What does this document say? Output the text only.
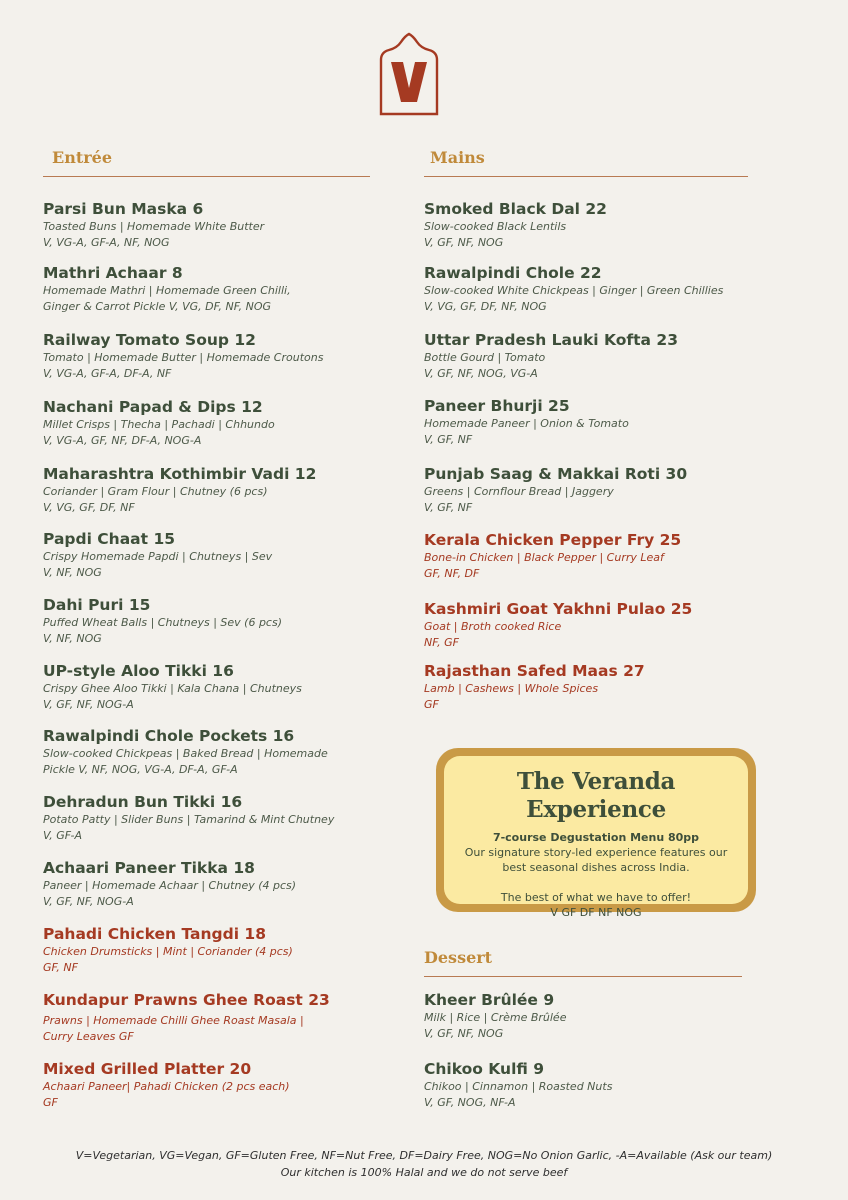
Entrée	Mains
Dessert
Parsi Bun Maska 6
Toasted Buns | Homemade White Butter
V, VG-A, GF-A, NF, NOG
Mathri Achaar 8
Homemade Mathri | Homemade Green Chilli,
Ginger & Carrot Pickle V, VG, DF, NF, NOG
Railway Tomato Soup 12
Tomato | Homemade Butter | Homemade Croutons
V, VG-A, GF-A, DF-A, NF
Nachani Papad & Dips 12
Millet Crisps | Thecha | Pachadi | Chhundo
V, VG-A, GF, NF, DF-A, NOG-A
Maharashtra Kothimbir Vadi 12
Coriander | Gram Flour | Chutney (6 pcs)
V, VG, GF, DF, NF
Papdi Chaat 15
Crispy Homemade Papdi | Chutneys | Sev
V, NF, NOG
Dahi Puri 15
Puffed Wheat Balls | Chutneys | Sev (6 pcs)
V, NF, NOG
UP-style Aloo Tikki 16
Crispy Ghee Aloo Tikki | Kala Chana | Chutneys
V, GF, NF, NOG-A
Rawalpindi Chole Pockets 16
Slow-cooked Chickpeas | Baked Bread | Homemade
Pickle V, NF, NOG, VG-A, DF-A, GF-A
Dehradun Bun Tikki 16
Potato Patty | Slider Buns | Tamarind & Mint Chutney
V, GF-A
Achaari Paneer Tikka 18
Paneer | Homemade Achaar | Chutney (4 pcs)
V, GF, NF, NOG-A
Pahadi Chicken Tangdi 18
Chicken Drumsticks | Mint | Coriander (4 pcs)
GF, NF
Kundapur Prawns Ghee Roast 23
Prawns | Homemade Chilli Ghee Roast Masala |
Curry Leaves GF
Mixed Grilled Platter 20
Achaari Paneer| Pahadi Chicken (2 pcs each)
GF
Smoked Black Dal 22
Slow-cooked Black Lentils
V, GF, NF, NOG
Rawalpindi Chole 22
Slow-cooked White Chickpeas | Ginger | Green Chillies
V, VG, GF, DF, NF, NOG
Uttar Pradesh Lauki Kofta 23
Bottle Gourd | Tomato
V, GF, NF, NOG, VG-A
Paneer Bhurji 25
Homemade Paneer | Onion & Tomato
V, GF, NF
Punjab Saag & Makkai Roti 30
Greens | Cornflour Bread | Jaggery
V, GF, NF
Kerala Chicken Pepper Fry 25
Bone-in Chicken | Black Pepper | Curry Leaf
GF, NF, DF
Kashmiri Goat Yakhni Pulao 25
Goat | Broth cooked Rice
NF, GF
Rajasthan Safed Maas 27
Lamb | Cashews | Whole Spices
GF
The Veranda Experience
7-course Degustation Menu 80pp
Our signature story-led experience features our
best seasonal dishes across India.
The best of what we have to offer!
V GF DF NF NOG
Kheer Brûlée 9
Milk | Rice | Crème Brûlée
V, GF, NF, NOG
Chikoo Kulfi 9
Chikoo | Cinnamon | Roasted Nuts
V, GF, NOG, NF-A
V=Vegetarian, VG=Vegan, GF=Gluten Free, NF=Nut Free, DF=Dairy Free, NOG=No Onion Garlic, -A=Available (Ask our team)
Our kitchen is 100% Halal and we do not serve beef
